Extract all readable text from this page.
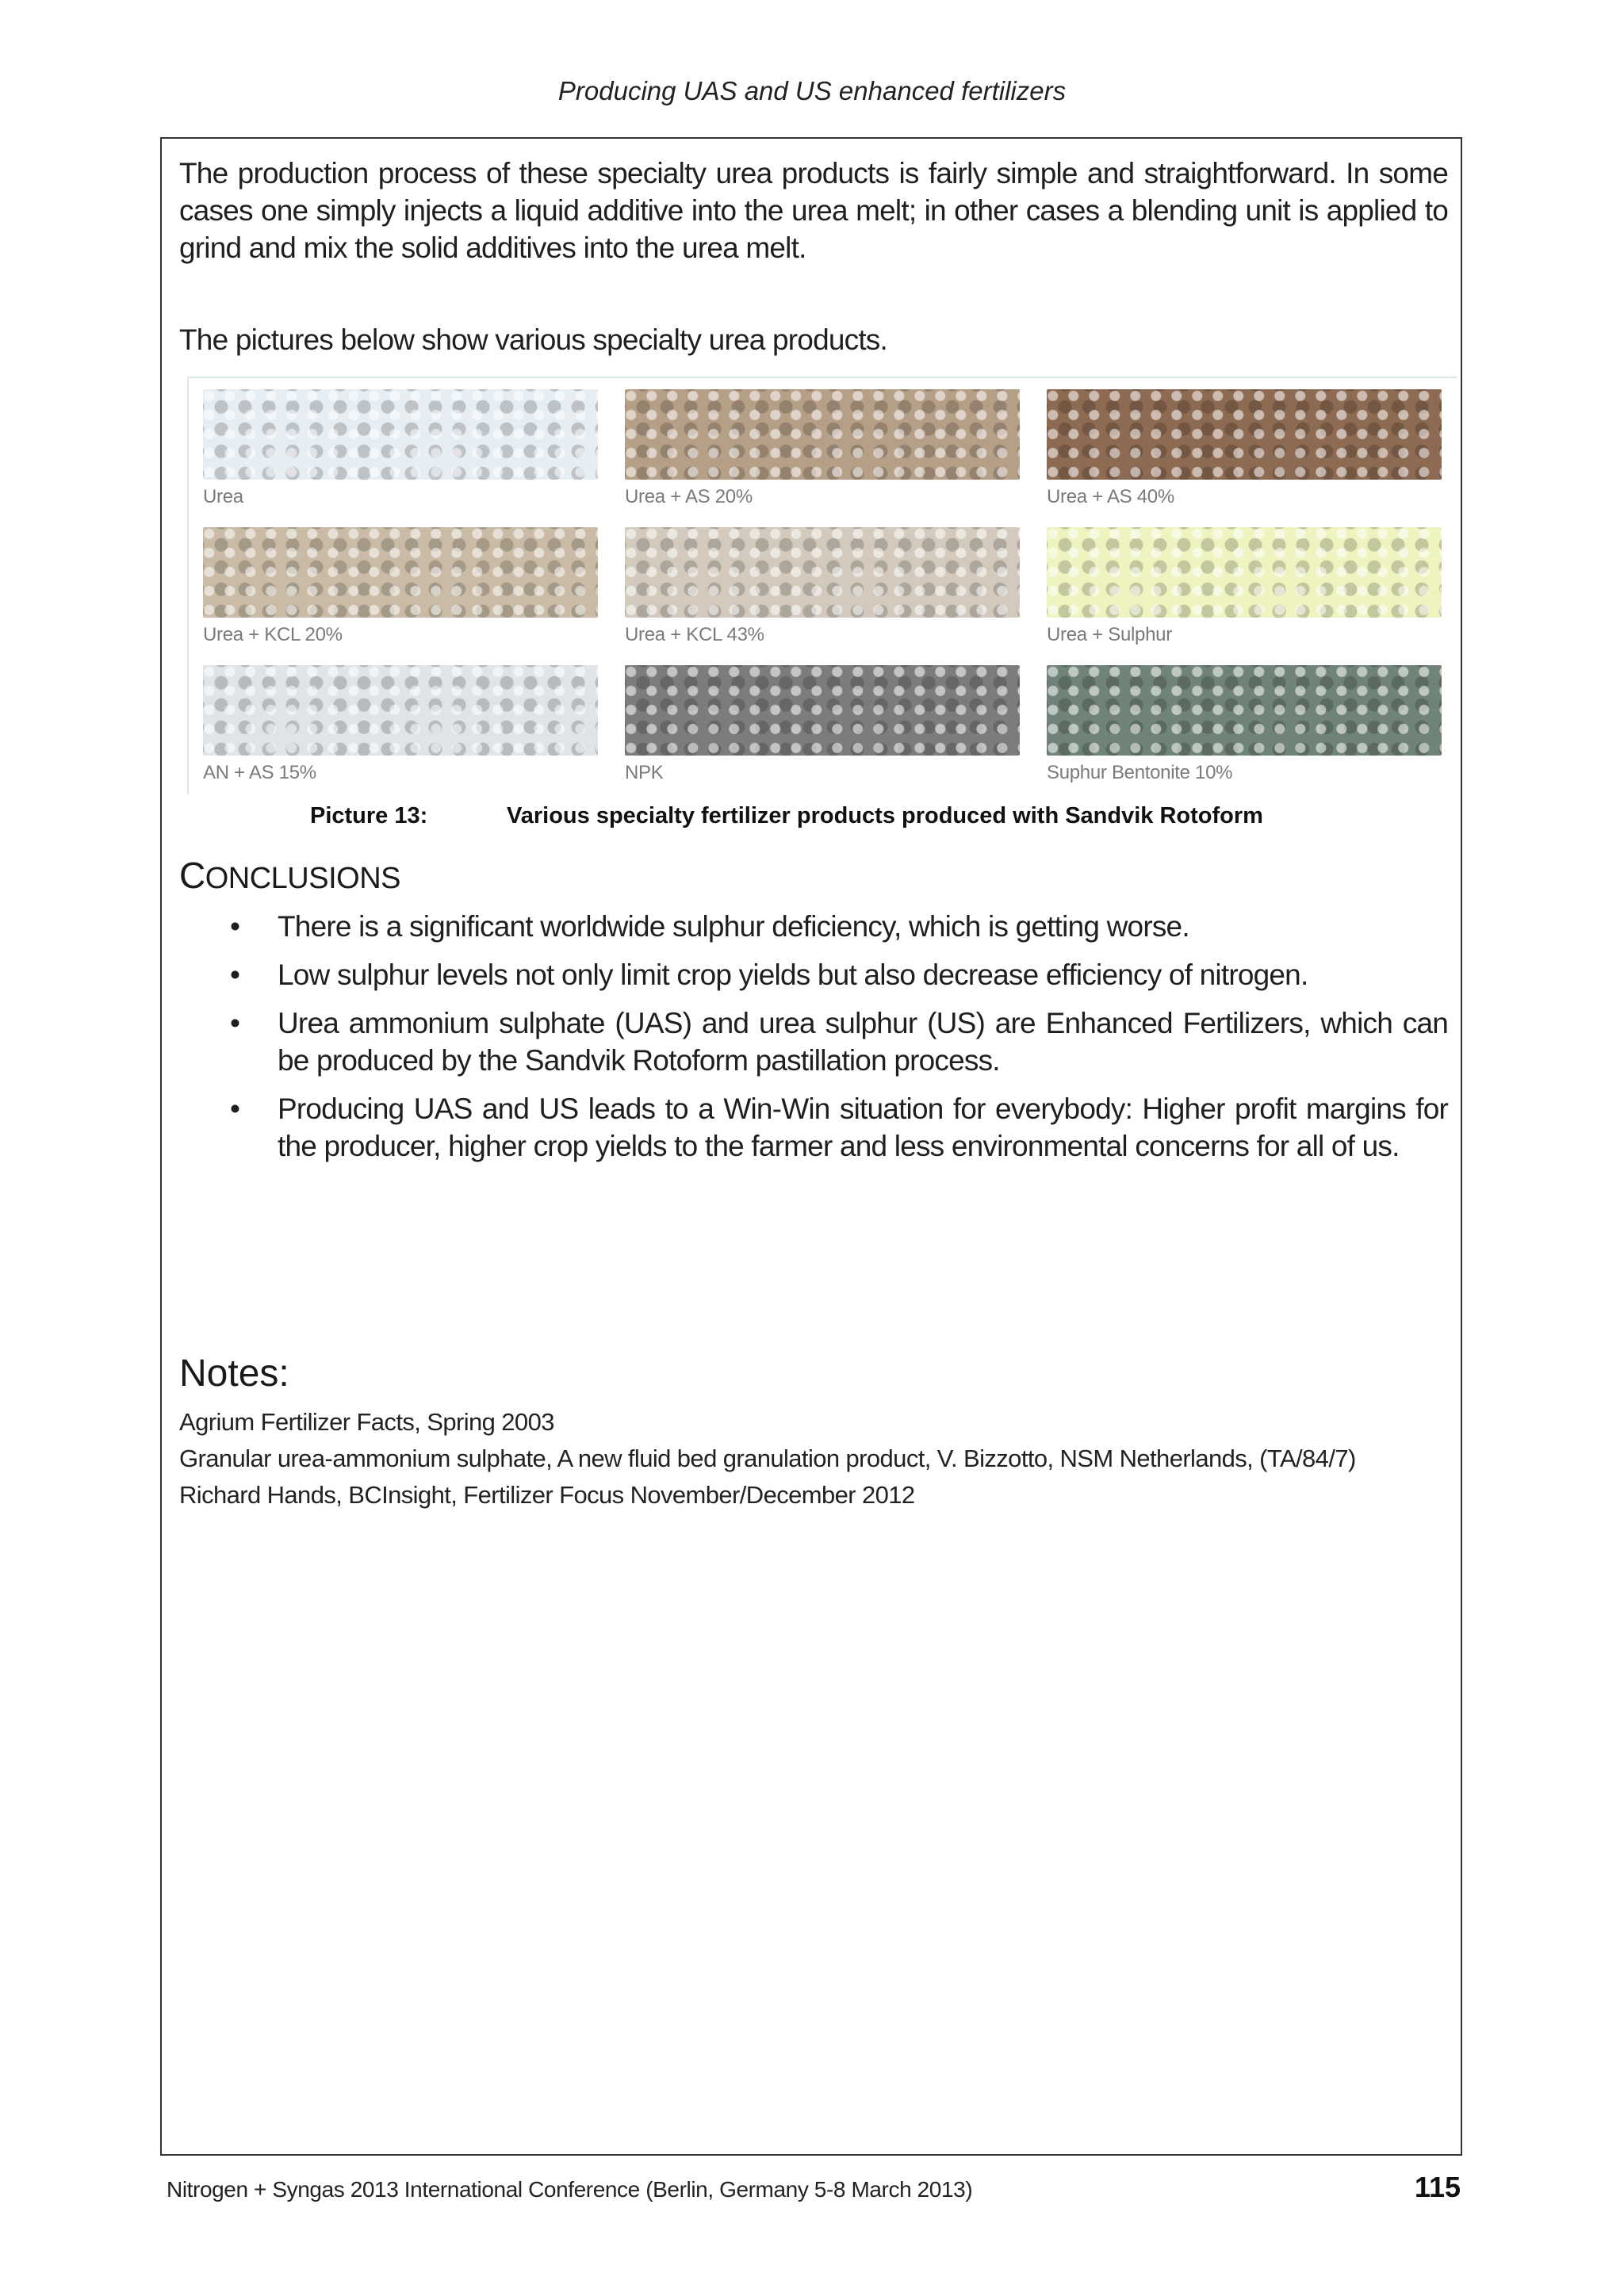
Producing UAS and US enhanced fertilizers
The production process of these specialty urea products is fairly simple and straightforward. In some cases one simply injects a liquid additive into the urea melt; in other cases a blending unit is applied to grind and mix the solid additives into the urea melt.
The pictures below show various specialty urea products.
Urea	Urea + AS 20%	Urea + AS 40%
Urea + KCL 20%	Urea + KCL 43%	Urea + Sulphur
AN + AS 15%	NPK	Suphur Bentonite 10%
Picture 13:	Various specialty fertilizer products produced with Sandvik Rotoform
CONCLUSIONS
• There is a significant worldwide sulphur deficiency, which is getting worse.
• Low sulphur levels not only limit crop yields but also decrease efficiency of nitrogen.
• Urea ammonium sulphate (UAS) and urea sulphur (US) are Enhanced Fertilizers, which can be produced by the Sandvik Rotoform pastillation process.
• Producing UAS and US leads to a Win-Win situation for everybody: Higher profit margins for the producer, higher crop yields to the farmer and less environmental concerns for all of us.
Notes:
Agrium Fertilizer Facts, Spring 2003
Granular urea-ammonium sulphate, A new fluid bed granulation product, V. Bizzotto, NSM Netherlands, (TA/84/7)
Richard Hands, BCInsight, Fertilizer Focus November/December 2012
Nitrogen + Syngas 2013 International Conference (Berlin, Germany 5-8 March 2013)	115
